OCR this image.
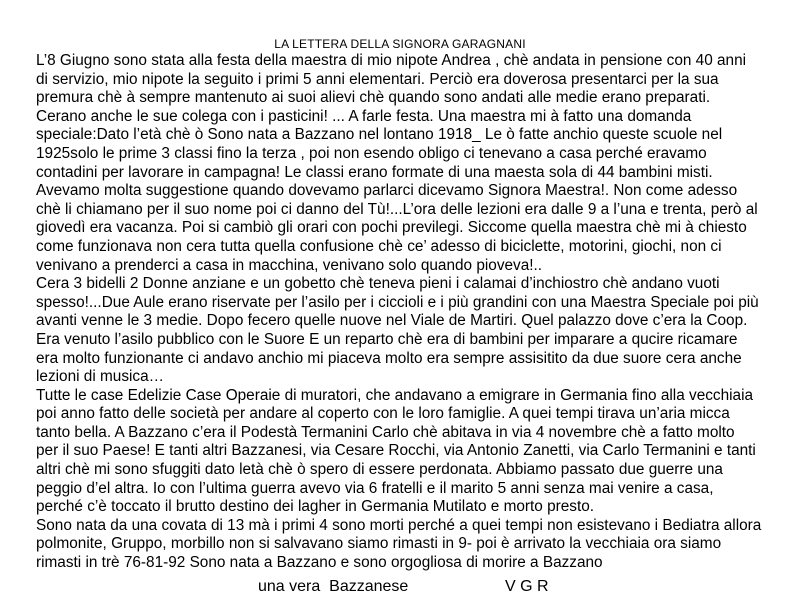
LA LETTERA DELLA SIGNORA GARAGNANI
L’8 Giugno sono stata alla festa della maestra di mio nipote Andrea , chè andata in pensione con 40 anni
di servizio, mio nipote la seguito i primi 5 anni elementari. Perciò era doverosa presentarci per la sua
premura chè à sempre mantenuto ai suoi alievi chè quando sono andati alle medie erano preparati.
Cerano anche le sue colega con i pasticini! ... A farle festa. Una maestra mi à fatto una domanda
speciale:Dato l’età chè ò Sono nata a Bazzano nel lontano 1918_ Le ò fatte anchio queste scuole nel
1925solo le prime 3 classi fino la terza , poi non esendo obligo ci tenevano a casa perché eravamo
contadini per lavorare in campagna! Le classi erano formate di una maesta sola di 44 bambini misti.
Avevamo molta suggestione quando dovevamo parlarci dicevamo Signora Maestra!. Non come adesso
chè li chiamano per il suo nome poi ci danno del Tù!...L’ora delle lezioni era dalle 9 a l’una e trenta, però al
giovedì era vacanza. Poi si cambiò gli orari con pochi previlegi. Siccome quella maestra chè mi à chiesto
come funzionava non cera tutta quella confusione chè ce’ adesso di biciclette, motorini, giochi, non ci
venivano a prenderci a casa in macchina, venivano solo quando pioveva!..
Cera 3 bidelli 2 Donne anziane e un gobetto chè teneva pieni i calamai d’inchiostro chè andano vuoti
spesso!...Due Aule erano riservate per l’asilo per i ciccioli e i più grandini con una Maestra Speciale poi più
avanti venne le 3 medie. Dopo fecero quelle nuove nel Viale de Martiri. Quel palazzo dove c’era la Coop.
Era venuto l’asilo pubblico con le Suore E un reparto chè era di bambini per imparare a qucire ricamare
era molto funzionante ci andavo anchio mi piaceva molto era sempre assisitito da due suore cera anche
lezioni di musica…
Tutte le case Edelizie Case Operaie di muratori, che andavano a emigrare in Germania fino alla vecchiaia
poi anno fatto delle società per andare al coperto con le loro famiglie. A quei tempi tirava un’aria micca
tanto bella. A Bazzano c’era il Podestà Termanini Carlo chè abitava in via 4 novembre chè a fatto molto
per il suo Paese! E tanti altri Bazzanesi, via Cesare Rocchi, via Antonio Zanetti, via Carlo Termanini e tanti
altri chè mi sono sfuggiti dato letà chè ò spero di essere perdonata. Abbiamo passato due guerre una
peggio d’el altra. Io con l’ultima guerra avevo via 6 fratelli e il marito 5 anni senza mai venire a casa,
perché c’è toccato il brutto destino dei lagher in Germania Mutilato e morto presto.
Sono nata da una covata di 13 mà i primi 4 sono morti perché a quei tempi non esistevano i Bediatra allora
polmonite, Gruppo, morbillo non si salvavano siamo rimasti in 9- poi è arrivato la vecchiaia ora siamo
rimasti in trè 76-81-92 Sono nata a Bazzano e sono orgogliosa di morire a Bazzano
una vera  Bazzanese	V G R
